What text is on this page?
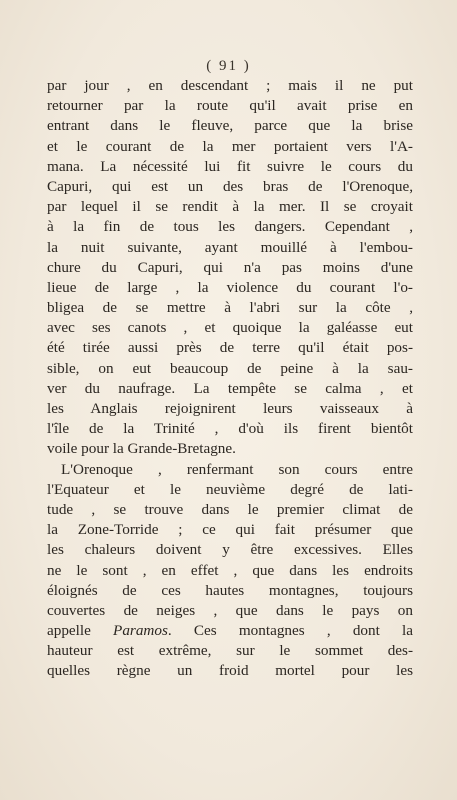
( 91 )
par jour , en descendant ; mais il ne put
retourner par la route qu'il avait prise en
entrant dans le fleuve, parce que la brise
et le courant de la mer portaient vers l'A-
mana. La nécessité lui fit suivre le cours du
Capuri, qui est un des bras de l'Orenoque,
par lequel il se rendit à la mer. Il se croyait
à la fin de tous les dangers. Cependant ,
la nuit suivante, ayant mouillé à l'embou-
chure du Capuri, qui n'a pas moins d'une
lieue de large , la violence du courant l'o-
bligea de se mettre à l'abri sur la côte ,
avec ses canots , et quoique la galéasse eut
été tirée aussi près de terre qu'il était pos-
sible, on eut beaucoup de peine à la sau-
ver du naufrage. La tempête se calma , et
les Anglais rejoignirent leurs vaisseaux à
l'île de la Trinité , d'où ils firent bientôt
voile pour la Grande-Bretagne.
L'Orenoque , renfermant son cours entre
l'Equateur et le neuvième degré de lati-
tude , se trouve dans le premier climat de
la Zone-Torride ; ce qui fait présumer que
les chaleurs doivent y être excessives. Elles
ne le sont , en effet , que dans les endroits
éloignés de ces hautes montagnes, toujours
couvertes de neiges , que dans le pays on
appelle Paramos. Ces montagnes , dont la
hauteur est extrême, sur le sommet des-
quelles règne un froid mortel pour les
